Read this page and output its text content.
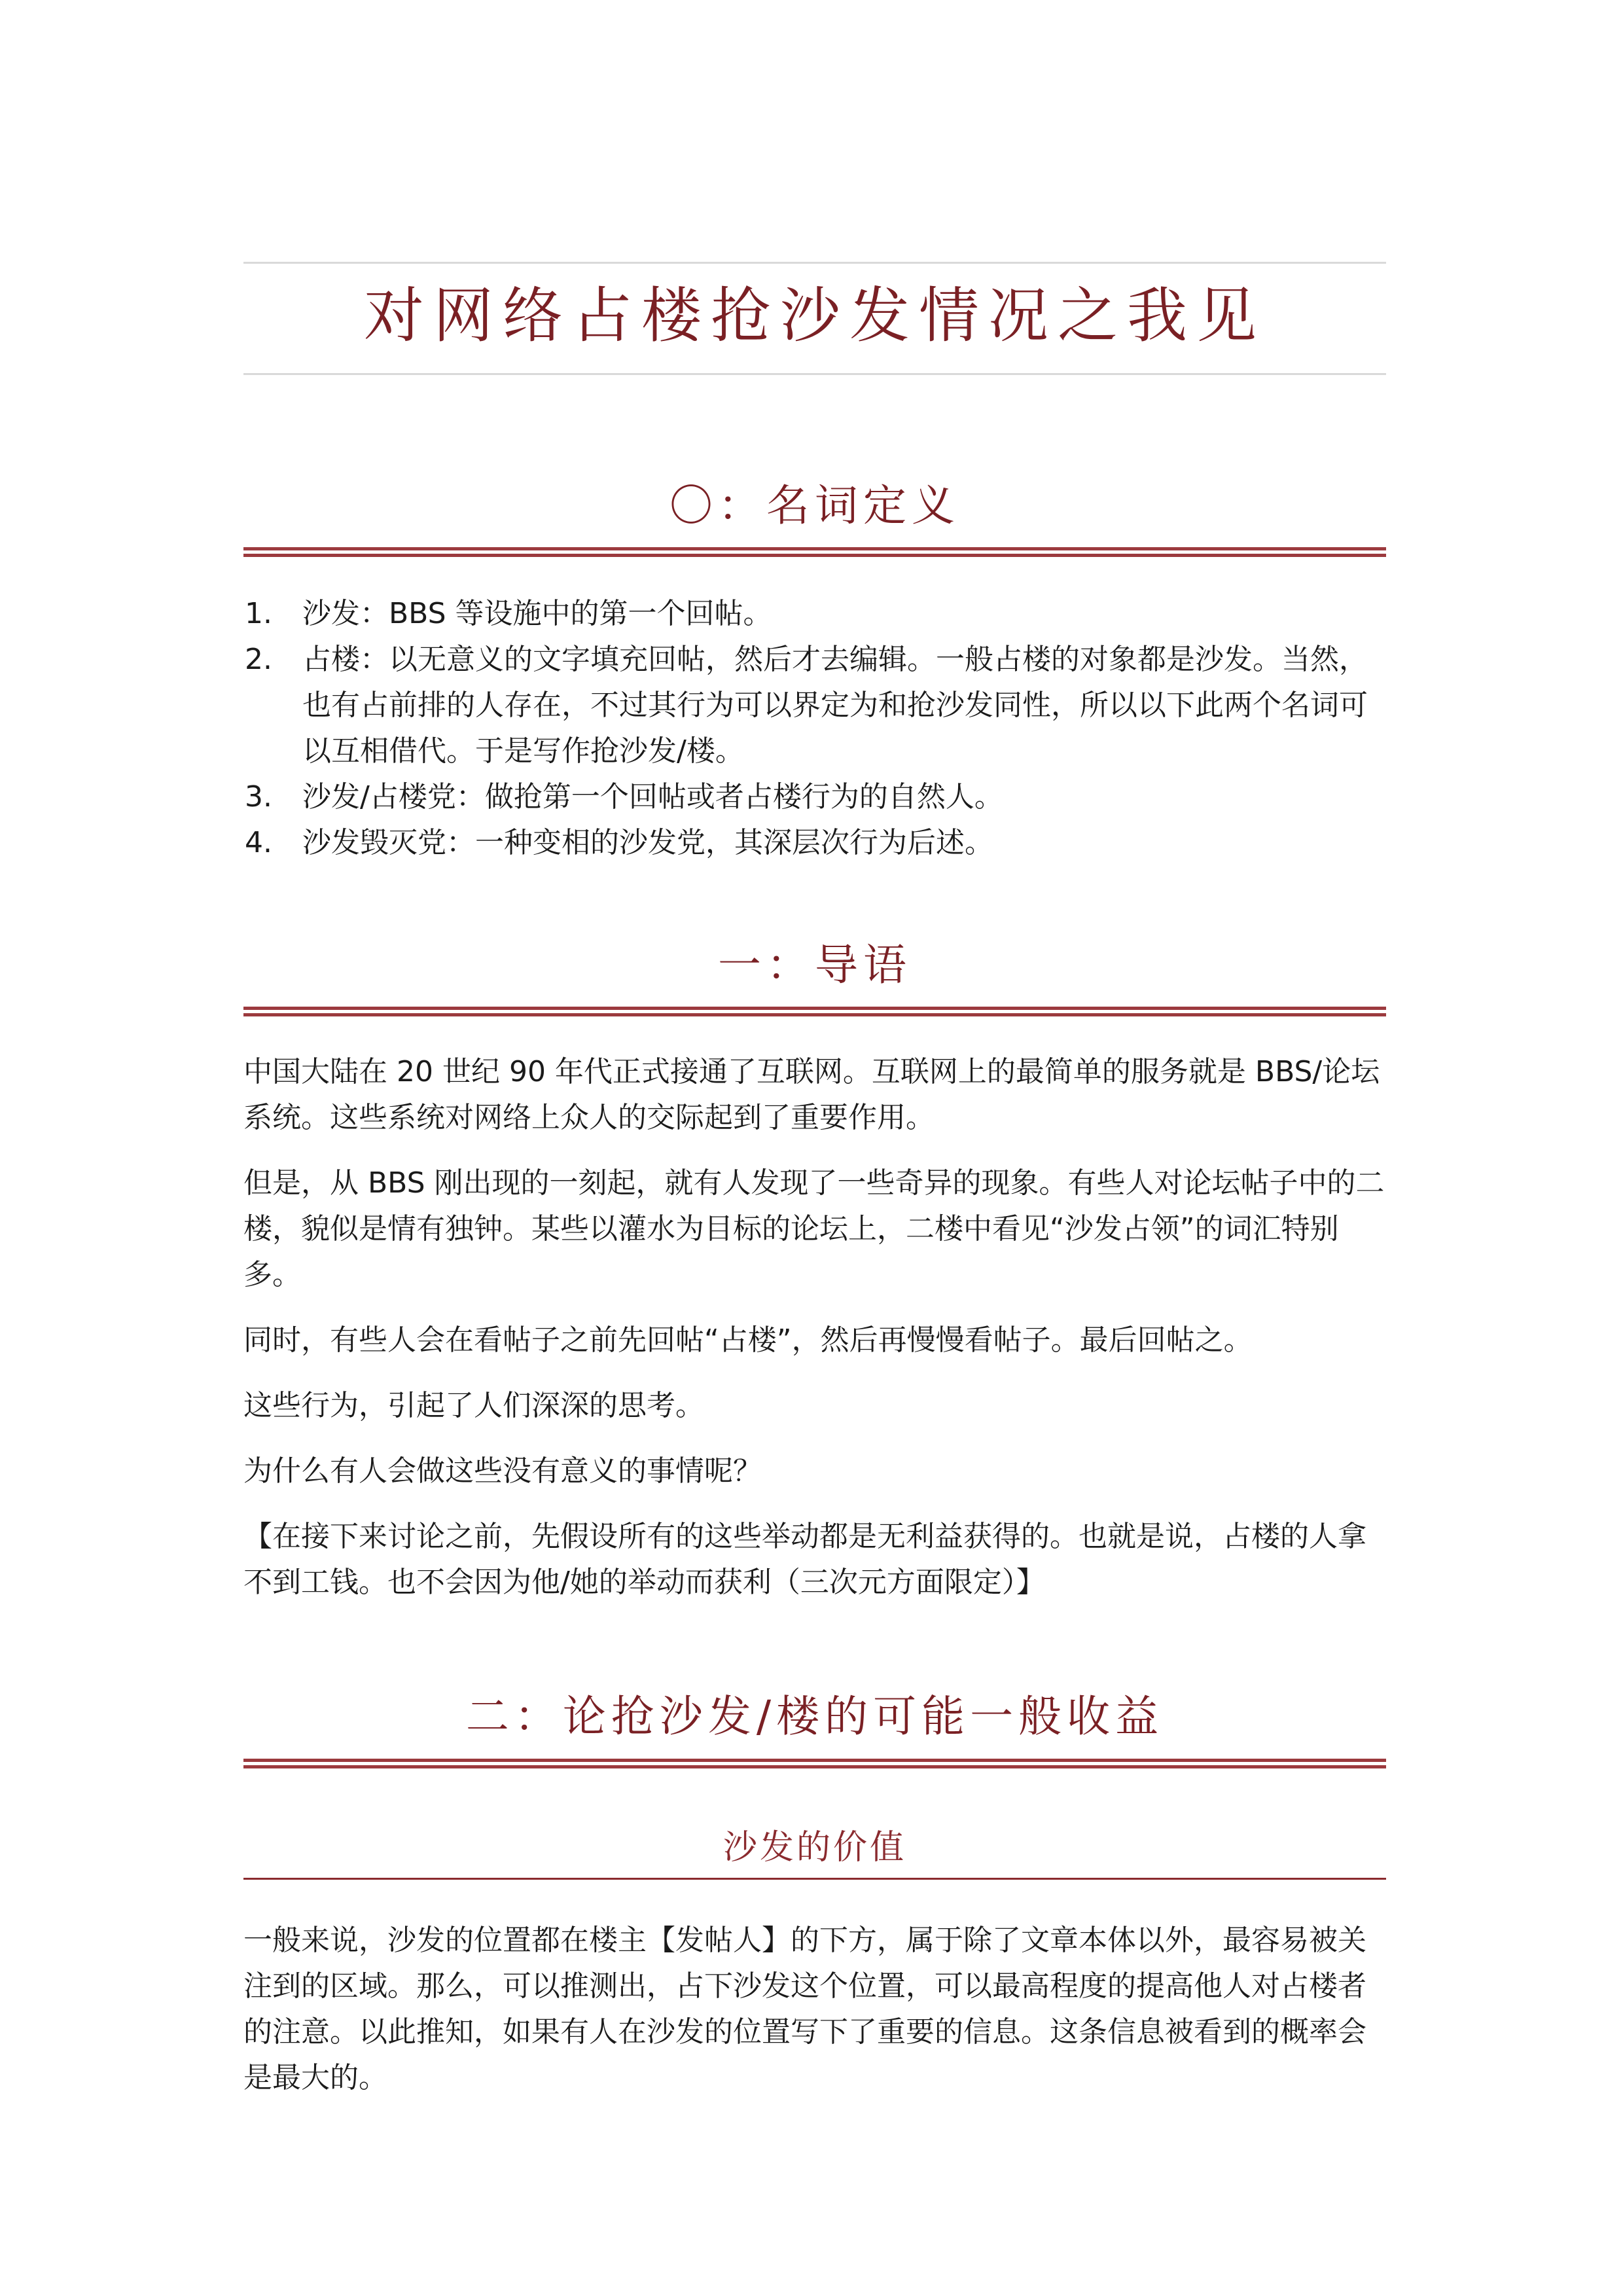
对网络占楼抢沙发情况之我见
〇：名词定义
1. 沙发：BBS 等设施中的第一个回帖。
2. 占楼：以无意义的文字填充回帖，然后才去编辑。一般占楼的对象都是沙发。当然，也有占前排的人存在，不过其行为可以界定为和抢沙发同性，所以以下此两个名词可以互相借代。于是写作抢沙发/楼。
3. 沙发/占楼党：做抢第一个回帖或者占楼行为的自然人。
4. 沙发毁灭党：一种变相的沙发党，其深层次行为后述。
一：导语

中国大陆在 20 世纪 90 年代正式接通了互联网。互联网上的最简单的服务就是 BBS/论坛系统。这些系统对网络上众人的交际起到了重要作用。

但是，从 BBS 刚出现的一刻起，就有人发现了一些奇异的现象。有些人对论坛帖子中的二楼，貌似是情有独钟。某些以灌水为目标的论坛上，二楼中看见“沙发占领”的词汇特别多。

同时，有些人会在看帖子之前先回帖“占楼”，然后再慢慢看帖子。最后回帖之。

这些行为，引起了人们深深的思考。

为什么有人会做这些没有意义的事情呢？

【在接下来讨论之前，先假设所有的这些举动都是无利益获得的。也就是说，占楼的人拿不到工钱。也不会因为他/她的举动而获利（三次元方面限定）】

二：论抢沙发/楼的可能一般收益
沙发的价值

一般来说，沙发的位置都在楼主【发帖人】的下方，属于除了文章本体以外，最容易被关注到的区域。那么，可以推测出，占下沙发这个位置，可以最高程度的提高他人对占楼者的注意。以此推知，如果有人在沙发的位置写下了重要的信息。这条信息被看到的概率会是最大的。
